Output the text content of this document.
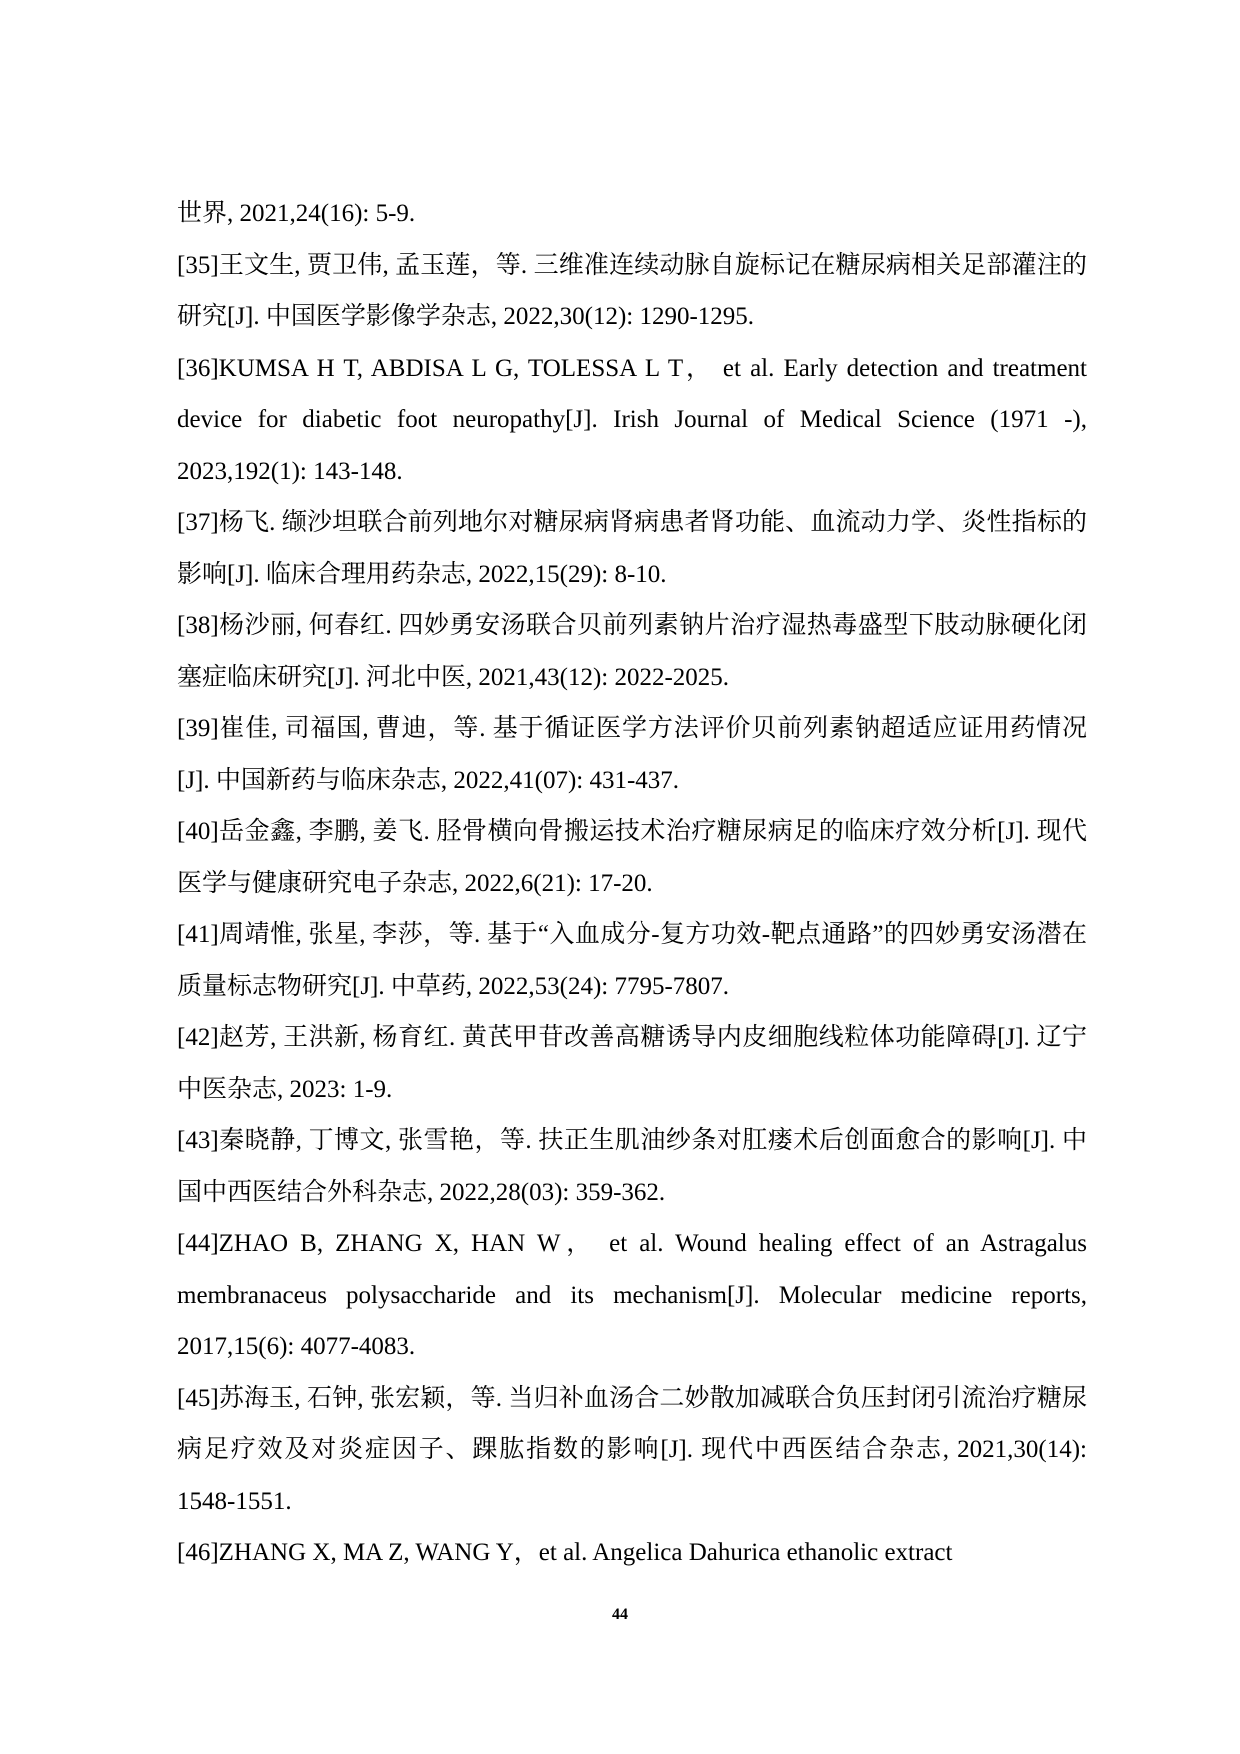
世界, 2021,24(16): 5-9.

[35]王文生, 贾卫伟, 孟玉莲，等. 三维准连续动脉自旋标记在糖尿病相关足部灌注的研究[J]. 中国医学影像学杂志, 2022,30(12): 1290-1295.

[36]KUMSA H T, ABDISA L G, TOLESSA L T， et al. Early detection and treatment device for diabetic foot neuropathy[J]. Irish Journal of Medical Science (1971 -), 2023,192(1): 143-148.

[37]杨飞. 缬沙坦联合前列地尔对糖尿病肾病患者肾功能、血流动力学、炎性指标的影响[J]. 临床合理用药杂志, 2022,15(29): 8-10.

[38]杨沙丽, 何春红. 四妙勇安汤联合贝前列素钠片治疗湿热毒盛型下肢动脉硬化闭塞症临床研究[J]. 河北中医, 2021,43(12): 2022-2025.

[39]崔佳, 司福国, 曹迪，等. 基于循证医学方法评价贝前列素钠超适应证用药情况[J]. 中国新药与临床杂志, 2022,41(07): 431-437.

[40]岳金鑫, 李鹏, 姜飞. 胫骨横向骨搬运技术治疗糖尿病足的临床疗效分析[J]. 现代医学与健康研究电子杂志, 2022,6(21): 17-20.

[41]周靖惟, 张星, 李莎，等. 基于“入血成分-复方功效-靶点通路”的四妙勇安汤潜在质量标志物研究[J]. 中草药, 2022,53(24): 7795-7807.

[42]赵芳, 王洪新, 杨育红. 黄芪甲苷改善高糖诱导内皮细胞线粒体功能障碍[J]. 辽宁中医杂志, 2023: 1-9.

[43]秦晓静, 丁博文, 张雪艳，等. 扶正生肌油纱条对肛瘘术后创面愈合的影响[J]. 中国中西医结合外科杂志, 2022,28(03): 359-362.

[44]ZHAO B, ZHANG X, HAN W， et al. Wound healing effect of an Astragalus membranaceus polysaccharide and its mechanism[J]. Molecular medicine reports, 2017,15(6): 4077-4083.

[45]苏海玉, 石钟, 张宏颖，等. 当归补血汤合二妙散加减联合负压封闭引流治疗糖尿病足疗效及对炎症因子、踝肱指数的影响[J]. 现代中西医结合杂志, 2021,30(14): 1548-1551.

[46]ZHANG X, MA Z, WANG Y，et al. Angelica Dahurica ethanolic extract

44
